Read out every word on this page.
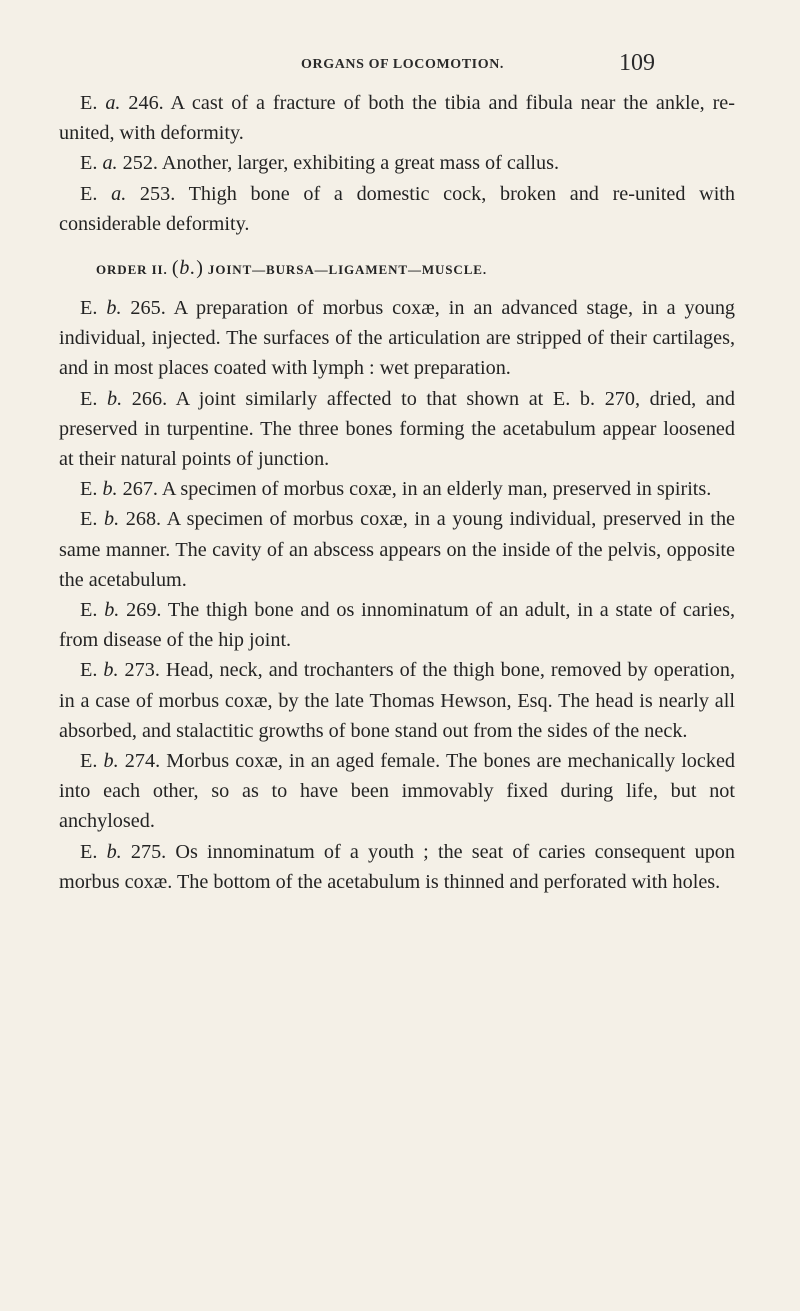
ORGANS OF LOCOMOTION.	109

E. a. 246. A cast of a fracture of both the tibia and fibula near the ankle, re-united, with deformity.

E. a. 252. Another, larger, exhibiting a great mass of callus.

E. a. 253. Thigh bone of a domestic cock, broken and re-united with considerable deformity.

ORDER II. (b.) JOINT—BURSA—LIGAMENT—MUSCLE.

E. b. 265. A preparation of morbus coxæ, in an advanced stage, in a young individual, injected. The surfaces of the articulation are stripped of their cartilages, and in most places coated with lymph : wet preparation.

E. b. 266. A joint similarly affected to that shown at E. b. 270, dried, and preserved in turpentine. The three bones forming the acetabulum appear loosened at their natural points of junction.

E. b. 267. A specimen of morbus coxæ, in an elderly man, preserved in spirits.

E. b. 268. A specimen of morbus coxæ, in a young individual, preserved in the same manner. The cavity of an abscess appears on the inside of the pelvis, opposite the acetabulum.

E. b. 269. The thigh bone and os innominatum of an adult, in a state of caries, from disease of the hip joint.

E. b. 273. Head, neck, and trochanters of the thigh bone, removed by operation, in a case of morbus coxæ, by the late Thomas Hewson, Esq. The head is nearly all absorbed, and stalactitic growths of bone stand out from the sides of the neck.

E. b. 274. Morbus coxæ, in an aged female. The bones are mechanically locked into each other, so as to have been immovably fixed during life, but not anchylosed.

E. b. 275. Os innominatum of a youth ; the seat of caries consequent upon morbus coxæ. The bottom of the acetabulum is thinned and perforated with holes.
